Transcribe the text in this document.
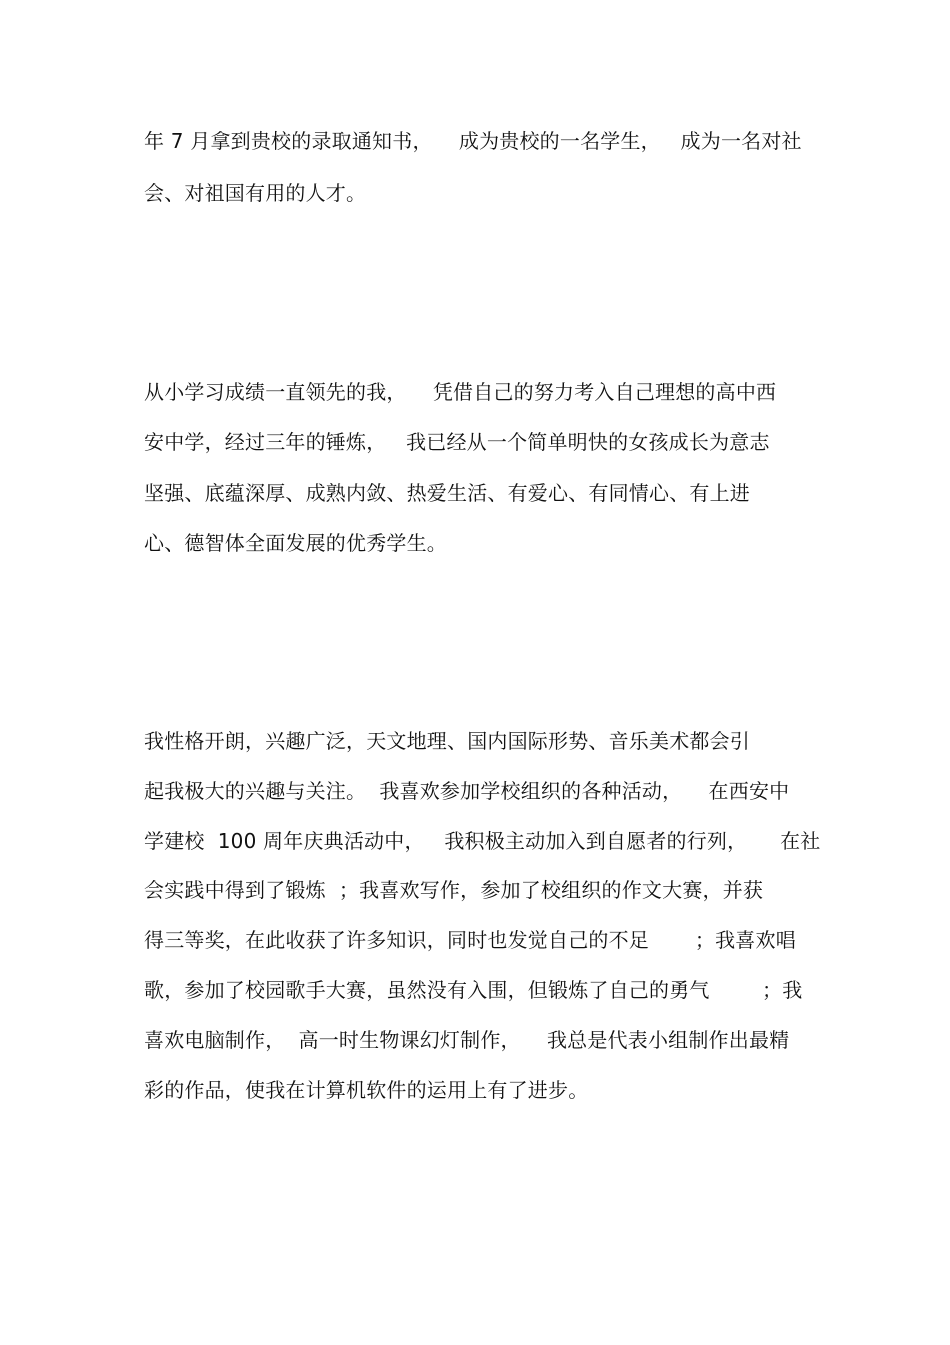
年 7 月拿到贵校的录取通知书，    成为贵校的一名学生，   成为一名对社
会、对祖国有用的人才。
从小学习成绩一直领先的我，    凭借自己的努力考入自己理想的高中西
安中学，经过三年的锤炼，   我已经从一个简单明快的女孩成长为意志
坚强、底蕴深厚、成熟内敛、热爱生活、有爱心、有同情心、有上进
心、德智体全面发展的优秀学生。
我性格开朗，兴趣广泛，天文地理、国内国际形势、音乐美术都会引
起我极大的兴趣与关注。  我喜欢参加学校组织的各种活动，    在西安中
学建校  100 周年庆典活动中，   我积极主动加入到自愿者的行列，     在社
会实践中得到了锻炼  ；我喜欢写作，参加了校组织的作文大赛，并获
得三等奖，在此收获了许多知识，同时也发觉自己的不足       ；我喜欢唱
歌，参加了校园歌手大赛，虽然没有入围，但锻炼了自己的勇气        ；我
喜欢电脑制作，  高一时生物课幻灯制作，    我总是代表小组制作出最精
彩的作品，使我在计算机软件的运用上有了进步。
